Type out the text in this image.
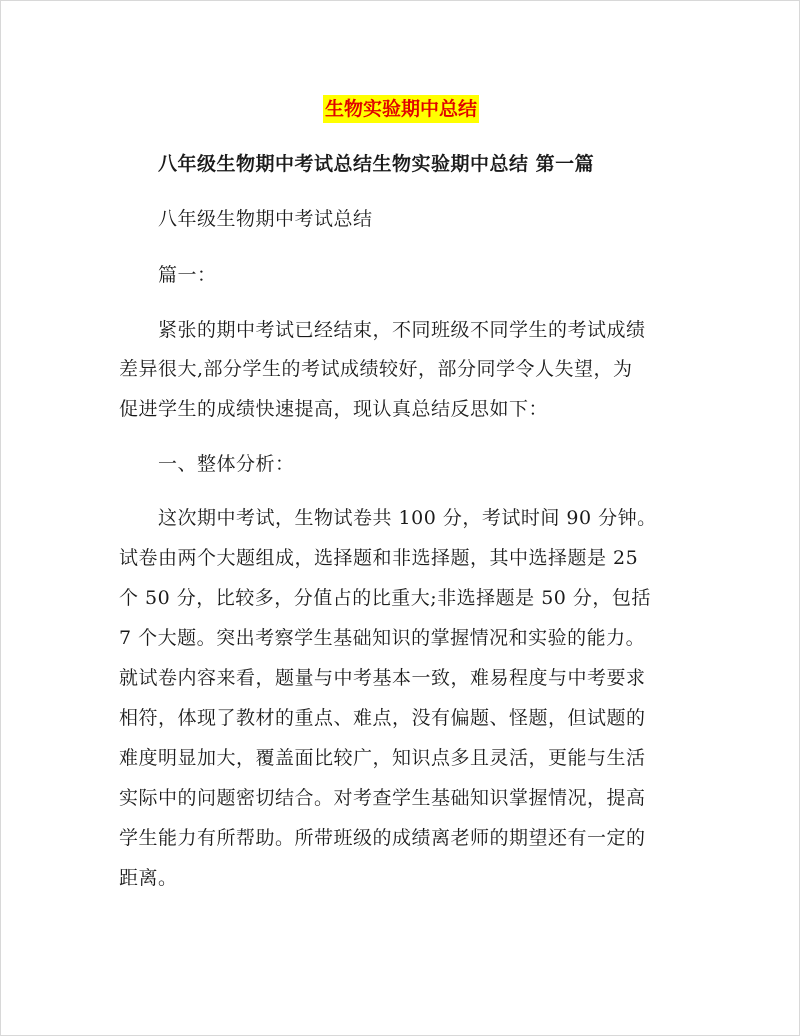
生物实验期中总结
八年级生物期中考试总结生物实验期中总结 第一篇
八年级生物期中考试总结
篇一：
紧张的期中考试已经结束，不同班级不同学生的考试成绩
差异很大,部分学生的考试成绩较好，部分同学令人失望，为
促进学生的成绩快速提高，现认真总结反思如下：
一、整体分析：
这次期中考试，生物试卷共 100 分，考试时间 90 分钟。
试卷由两个大题组成，选择题和非选择题，其中选择题是 25
个 50 分，比较多，分值占的比重大;非选择题是 50 分，包括
7 个大题。突出考察学生基础知识的掌握情况和实验的能力。
就试卷内容来看，题量与中考基本一致，难易程度与中考要求
相符，体现了教材的重点、难点，没有偏题、怪题，但试题的
难度明显加大，覆盖面比较广，知识点多且灵活，更能与生活
实际中的问题密切结合。对考查学生基础知识掌握情况，提高
学生能力有所帮助。所带班级的成绩离老师的期望还有一定的
距离。
